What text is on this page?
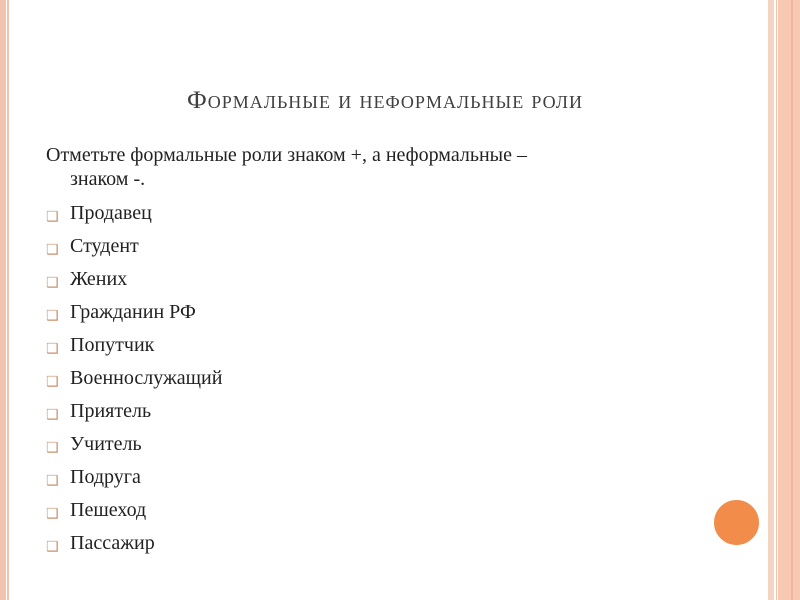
Формальные и неформальные роли

Отметьте формальные роли знаком +, а неформальные –
знаком -.

❑ Продавец
❑ Студент
❑ Жених
❑ Гражданин РФ
❑ Попутчик
❑ Военнослужащий
❑ Приятель
❑ Учитель
❑ Подруга
❑ Пешеход
❑ Пассажир
